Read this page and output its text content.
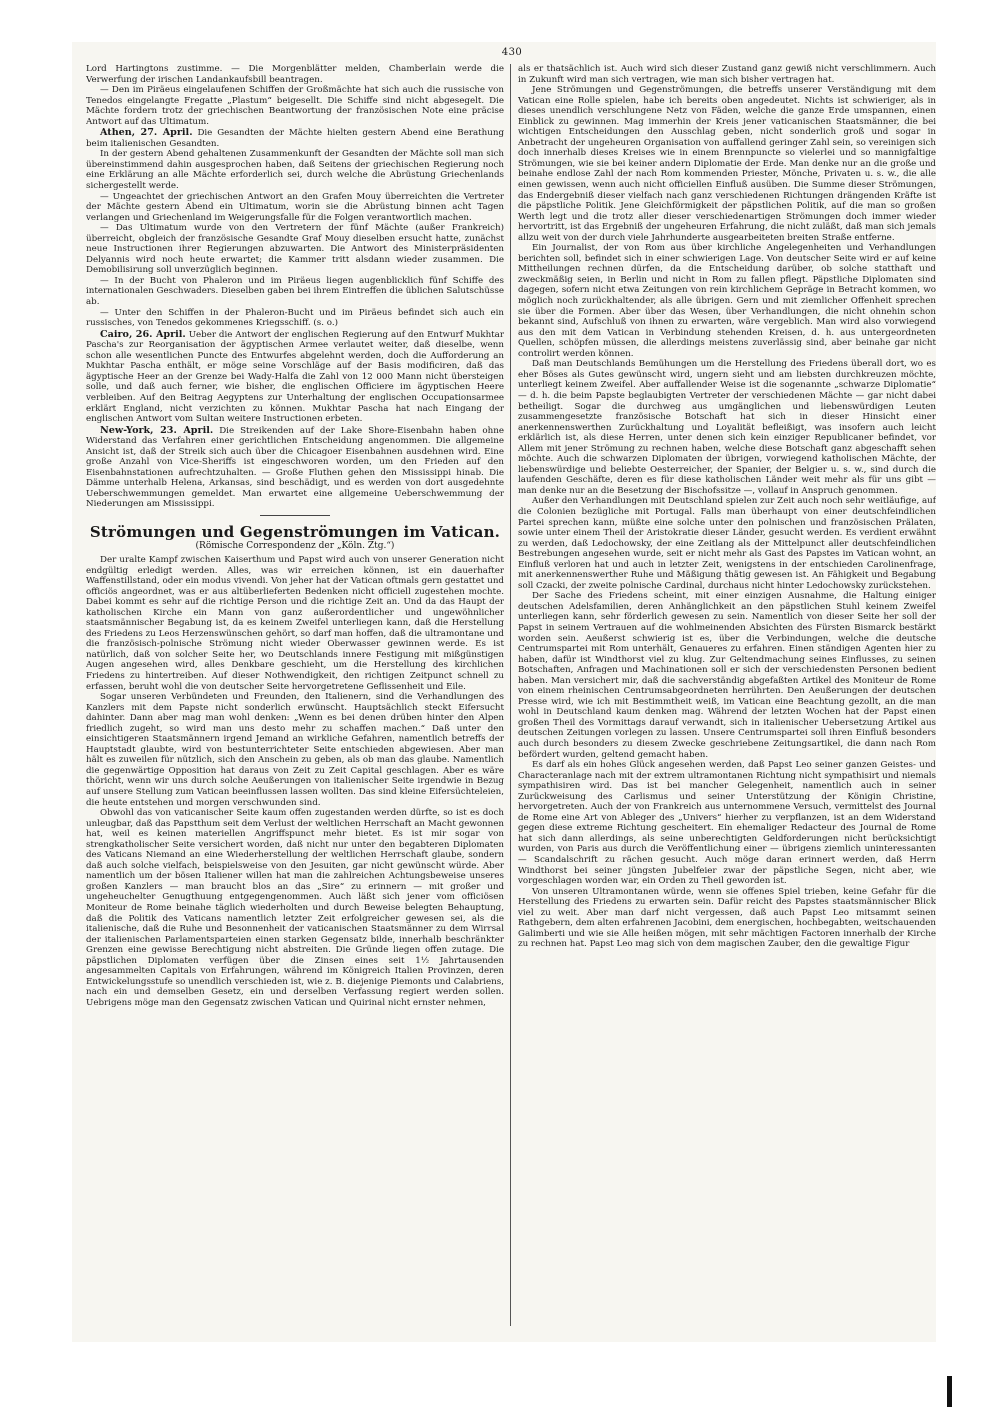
430

Lord Hartingtons zustimme. — Die Morgenblätter melden, Chamberlain werde die Verwerfung der irischen Landankaufsbill beantragen.

— Den im Piräeus eingelaufenen Schiffen der Großmächte hat sich auch die russische von Tenedos eingelangte Fregatte „Plastum“ beigesellt. Die Schiffe sind nicht abgesegelt. Die Mächte fordern trotz der griechischen Beantwortung der französischen Note eine präcise Antwort auf das Ultimatum.

Athen, 27. April. Die Gesandten der Mächte hielten gestern Abend eine Berathung beim italienischen Gesandten.

In der gestern Abend gehaltenen Zusammenkunft der Gesandten der Mächte soll man sich übereinstimmend dahin ausgesprochen haben, daß Seitens der griechischen Regierung noch eine Erklärung an alle Mächte erforderlich sei, durch welche die Abrüstung Griechenlands sichergestellt werde.

— Ungeachtet der griechischen Antwort an den Grafen Mouy überreichten die Vertreter der Mächte gestern Abend ein Ultimatum, worin sie die Abrüstung binnen acht Tagen verlangen und Griechenland im Weigerungsfalle für die Folgen verantwortlich machen.

— Das Ultimatum wurde von den Vertretern der fünf Mächte (außer Frankreich) überreicht, obgleich der französische Gesandte Graf Mouy dieselben ersucht hatte, zunächst neue Instructionen ihrer Regierungen abzuwarten. Die Antwort des Ministerpräsidenten Delyannis wird noch heute erwartet; die Kammer tritt alsdann wieder zusammen. Die Demobilisirung soll unverzüglich beginnen.

— In der Bucht von Phaleron und im Piräeus liegen augenblicklich fünf Schiffe des internationalen Geschwaders. Dieselben gaben bei ihrem Eintreffen die üblichen Salutschüsse ab.

— Unter den Schiffen in der Phaleron-Bucht und im Piräeus befindet sich auch ein russisches, von Tenedos gekommenes Kriegsschiff. (s. o.)

Cairo, 26. April. Ueber die Antwort der englischen Regierung auf den Entwurf Mukhtar Pascha's zur Reorganisation der ägyptischen Armee verlautet weiter, daß dieselbe, wenn schon alle wesentlichen Puncte des Entwurfes abgelehnt werden, doch die Aufforderung an Mukhtar Pascha enthält, er möge seine Vorschläge auf der Basis modificiren, daß das ägyptische Heer an der Grenze bei Wady-Halfa die Zahl von 12 000 Mann nicht übersteigen solle, und daß auch ferner, wie bisher, die englischen Officiere im ägyptischen Heere verbleiben. Auf den Beitrag Aegyptens zur Unterhaltung der englischen Occupationsarmee erklärt England, nicht verzichten zu können. Mukhtar Pascha hat nach Eingang der englischen Antwort vom Sultan weitere Instructionen erbeten.

New-York, 23. April. Die Streikenden auf der Lake Shore-Eisenbahn haben ohne Widerstand das Verfahren einer gerichtlichen Entscheidung angenommen. Die allgemeine Ansicht ist, daß der Streik sich auch über die Chicagoer Eisenbahnen ausdehnen wird. Eine große Anzahl von Vice-Sheriffs ist eingeschworen worden, um den Frieden auf den Eisenbahnstationen aufrechtzuhalten. — Große Fluthen gehen den Mississippi hinab. Die Dämme unterhalb Helena, Arkansas, sind beschädigt, und es werden von dort ausgedehnte Ueberschwemmungen gemeldet. Man erwartet eine allgemeine Ueberschwemmung der Niederungen am Mississippi.

Strömungen und Gegenströmungen im Vatican.
(Römische Correspondenz der „Köln. Ztg.“)

Der uralte Kampf zwischen Kaiserthum und Papst wird auch von unserer Generation nicht endgültig erledigt werden. Alles, was wir erreichen können, ist ein dauerhafter Waffenstillstand, oder ein modus vivendi. Von jeher hat der Vatican oftmals gern gestattet und officiös angeordnet, was er aus altüberlieferten Bedenken nicht officiell zugestehen mochte. Dabei kommt es sehr auf die richtige Person und die richtige Zeit an. Und da das Haupt der katholischen Kirche ein Mann von ganz außerordentlicher und ungewöhnlicher staatsmännischer Begabung ist, da es keinem Zweifel unterliegen kann, daß die Herstellung des Friedens zu Leos Herzenswünschen gehört, so darf man hoffen, daß die ultramontane und die französisch-polnische Strömung nicht wieder Oberwasser gewinnen werde. Es ist natürlich, daß von solcher Seite her, wo Deutschlands innere Festigung mit mißgünstigen Augen angesehen wird, alles Denkbare geschieht, um die Herstellung des kirchlichen Friedens zu hintertreiben. Auf dieser Nothwendigkeit, den richtigen Zeitpunct schnell zu erfassen, beruht wohl die von deutscher Seite hervorgetretene Geflissenheit und Eile.

Sogar unseren Verbündeten und Freunden, den Italienern, sind die Verhandlungen des Kanzlers mit dem Papste nicht sonderlich erwünscht. Hauptsächlich steckt Eifersucht dahinter. Dann aber mag man wohl denken: „Wenn es bei denen drüben hinter den Alpen friedlich zugeht, so wird man uns desto mehr zu schaffen machen.“ Daß unter den einsichtigeren Staatsmännern irgend Jemand an wirkliche Gefahren, namentlich betreffs der Hauptstadt glaubte, wird von bestunterrichteter Seite entschieden abgewiesen. Aber man hält es zuweilen für nützlich, sich den Anschein zu geben, als ob man das glaube. Namentlich die gegenwärtige Opposition hat daraus von Zeit zu Zeit Capital geschlagen. Aber es wäre thöricht, wenn wir uns durch solche Aeußerungen von italienischer Seite irgendwie in Bezug auf unsere Stellung zum Vatican beeinflussen lassen wollten. Das sind kleine Eifersüchteleien, die heute entstehen und morgen verschwunden sind.

Obwohl das von vaticanischer Seite kaum offen zugestanden werden dürfte, so ist es doch unleugbar, daß das Papstthum seit dem Verlust der weltlichen Herrschaft an Macht gewonnen hat, weil es keinen materiellen Angriffspunct mehr bietet. Es ist mir sogar von strengkatholischer Seite versichert worden, daß nicht nur unter den begabteren Diplomaten des Vaticans Niemand an eine Wiederherstellung der weltlichen Herrschaft glaube, sondern daß auch solche vielfach, beispielsweise von den Jesuiten, gar nicht gewünscht würde. Aber namentlich um der bösen Italiener willen hat man die zahlreichen Achtungsbeweise unseres großen Kanzlers — man braucht blos an das „Sire“ zu erinnern — mit großer und ungeheuchelter Genugthuung entgegengenommen. Auch läßt sich jener vom officiösen Moniteur de Rome beinahe täglich wiederholten und durch Beweise belegten Behauptung, daß die Politik des Vaticans namentlich letzter Zeit erfolgreicher gewesen sei, als die italienische, daß die Ruhe und Besonnenheit der vaticanischen Staatsmänner zu dem Wirrsal der italienischen Parlamentsparteien einen starken Gegensatz bilde, innerhalb beschränkter Grenzen eine gewisse Berechtigung nicht abstreiten. Die Gründe liegen offen zutage. Die päpstlichen Diplomaten verfügen über die Zinsen eines seit 1½ Jahrtausenden angesammelten Capitals von Erfahrungen, während im Königreich Italien Provinzen, deren Entwickelungsstufe so unendlich verschieden ist, wie z. B. diejenige Piemonts und Calabriens, nach ein und demselben Gesetz, ein und derselben Verfassung regiert werden sollen. Uebrigens möge man den Gegensatz zwischen Vatican und Quirinal nicht ernster nehmen,

als er thatsächlich ist. Auch wird sich dieser Zustand ganz gewiß nicht verschlimmern. Auch in Zukunft wird man sich vertragen, wie man sich bisher vertragen hat.

Jene Strömungen und Gegenströmungen, die betreffs unserer Verständigung mit dem Vatican eine Rolle spielen, habe ich bereits oben angedeutet. Nichts ist schwieriger, als in dieses unendlich verschlungene Netz von Fäden, welche die ganze Erde umspannen, einen Einblick zu gewinnen. Mag immerhin der Kreis jener vaticanischen Staatsmänner, die bei wichtigen Entscheidungen den Ausschlag geben, nicht sonderlich groß und sogar in Anbetracht der ungeheuren Organisation von auffallend geringer Zahl sein, so vereinigen sich doch innerhalb dieses Kreises wie in einem Brennpuncte so vielerlei und so mannigfaltige Strömungen, wie sie bei keiner andern Diplomatie der Erde. Man denke nur an die große und beinahe endlose Zahl der nach Rom kommenden Priester, Mönche, Privaten u. s. w., die alle einen gewissen, wenn auch nicht officiellen Einfluß ausüben. Die Summe dieser Strömungen, das Endergebniß dieser vielfach nach ganz verschiedenen Richtungen drängenden Kräfte ist die päpstliche Politik. Jene Gleichförmigkeit der päpstlichen Politik, auf die man so großen Werth legt und die trotz aller dieser verschiedenartigen Strömungen doch immer wieder hervortritt, ist das Ergebniß der ungeheuren Erfahrung, die nicht zuläßt, daß man sich jemals allzu weit von der durch viele Jahrhunderte ausgearbeiteten breiten Straße entferne.

Ein Journalist, der von Rom aus über kirchliche Angelegenheiten und Verhandlungen berichten soll, befindet sich in einer schwierigen Lage. Von deutscher Seite wird er auf keine Mittheilungen rechnen dürfen, da die Entscheidung darüber, ob solche statthaft und zweckmäßig seien, in Berlin und nicht in Rom zu fallen pflegt. Päpstliche Diplomaten sind dagegen, sofern nicht etwa Zeitungen von rein kirchlichem Gepräge in Betracht kommen, wo möglich noch zurückhaltender, als alle übrigen. Gern und mit ziemlicher Offenheit sprechen sie über die Formen. Aber über das Wesen, über Verhandlungen, die nicht ohnehin schon bekannt sind, Aufschluß von ihnen zu erwarten, wäre vergeblich. Man wird also vorwiegend aus den mit dem Vatican in Verbindung stehenden Kreisen, d. h. aus untergeordneten Quellen, schöpfen müssen, die allerdings meistens zuverlässig sind, aber beinahe gar nicht controlirt werden können.

Daß man Deutschlands Bemühungen um die Herstellung des Friedens überall dort, wo es eher Böses als Gutes gewünscht wird, ungern sieht und am liebsten durchkreuzen möchte, unterliegt keinem Zweifel. Aber auffallender Weise ist die sogenannte „schwarze Diplomatie“ — d. h. die beim Papste beglaubigten Vertreter der verschiedenen Mächte — gar nicht dabei betheiligt. Sogar die durchweg aus umgänglichen und liebenswürdigen Leuten zusammengesetzte französische Botschaft hat sich in dieser Hinsicht einer anerkennenswerthen Zurückhaltung und Loyalität befleißigt, was insofern auch leicht erklärlich ist, als diese Herren, unter denen sich kein einziger Republicaner befindet, vor Allem mit jener Strömung zu rechnen haben, welche diese Botschaft ganz abgeschafft sehen möchte. Auch die schwarzen Diplomaten der übrigen, vorwiegend katholischen Mächte, der liebenswürdige und beliebte Oesterreicher, der Spanier, der Belgier u. s. w., sind durch die laufenden Geschäfte, deren es für diese katholischen Länder weit mehr als für uns gibt — man denke nur an die Besetzung der Bischofssitze —, vollauf in Anspruch genommen.

Außer den Verhandlungen mit Deutschland spielen zur Zeit auch noch sehr weitläufige, auf die Colonien bezügliche mit Portugal. Falls man überhaupt von einer deutschfeindlichen Partei sprechen kann, müßte eine solche unter den polnischen und französischen Prälaten, sowie unter einem Theil der Aristokratie dieser Länder, gesucht werden. Es verdient erwähnt zu werden, daß Ledochowsky, der eine Zeitlang als der Mittelpunct aller deutschfeindlichen Bestrebungen angesehen wurde, seit er nicht mehr als Gast des Papstes im Vatican wohnt, an Einfluß verloren hat und auch in letzter Zeit, wenigstens in der entschieden Carolinenfrage, mit anerkennenswerther Ruhe und Mäßigung thätig gewesen ist. An Fähigkeit und Begabung soll Czacki, der zweite polnische Cardinal, durchaus nicht hinter Ledochowsky zurückstehen.

Der Sache des Friedens scheint, mit einer einzigen Ausnahme, die Haltung einiger deutschen Adelsfamilien, deren Anhänglichkeit an den päpstlichen Stuhl keinem Zweifel unterliegen kann, sehr förderlich gewesen zu sein. Namentlich von dieser Seite her soll der Papst in seinem Vertrauen auf die wohlmeinenden Absichten des Fürsten Bismarck bestärkt worden sein. Aeußerst schwierig ist es, über die Verbindungen, welche die deutsche Centrumspartei mit Rom unterhält, Genaueres zu erfahren. Einen ständigen Agenten hier zu haben, dafür ist Windthorst viel zu klug. Zur Geltendmachung seines Einflusses, zu seinen Botschaften, Anfragen und Machinationen soll er sich der verschiedensten Personen bedient haben. Man versichert mir, daß die sachverständig abgefaßten Artikel des Moniteur de Rome von einem rheinischen Centrumsabgeordneten herrührten. Den Aeußerungen der deutschen Presse wird, wie ich mit Bestimmtheit weiß, im Vatican eine Beachtung gezollt, an die man wohl in Deutschland kaum denken mag. Während der letzten Wochen hat der Papst einen großen Theil des Vormittags darauf verwandt, sich in italienischer Uebersetzung Artikel aus deutschen Zeitungen vorlegen zu lassen. Unsere Centrumspartei soll ihren Einfluß besonders auch durch besonders zu diesem Zwecke geschriebene Zeitungsartikel, die dann nach Rom befördert wurden, geltend gemacht haben.

Es darf als ein hohes Glück angesehen werden, daß Papst Leo seiner ganzen Geistes- und Characteranlage nach mit der extrem ultramontanen Richtung nicht sympathisirt und niemals sympathisiren wird. Das ist bei mancher Gelegenheit, namentlich auch in seiner Zurückweisung des Carlismus und seiner Unterstützung der Königin Christine, hervorgetreten. Auch der von Frankreich aus unternommene Versuch, vermittelst des Journal de Rome eine Art von Ableger des „Univers“ hierher zu verpflanzen, ist an dem Widerstand gegen diese extreme Richtung gescheitert. Ein ehemaliger Redacteur des Journal de Rome hat sich dann allerdings, als seine unberechtigten Geldforderungen nicht berücksichtigt wurden, von Paris aus durch die Veröffentlichung einer — übrigens ziemlich uninteressanten — Scandalschrift zu rächen gesucht. Auch möge daran erinnert werden, daß Herrn Windthorst bei seiner jüngsten Jubelfeier zwar der päpstliche Segen, nicht aber, wie vorgeschlagen worden war, ein Orden zu Theil geworden ist.

Von unseren Ultramontanen würde, wenn sie offenes Spiel trieben, keine Gefahr für die Herstellung des Friedens zu erwarten sein. Dafür reicht des Papstes staatsmännischer Blick viel zu weit. Aber man darf nicht vergessen, daß auch Papst Leo mitsammt seinen Rathgebern, dem alten erfahrenen Jacobini, dem energischen, hochbegabten, weitschauenden Galimberti und wie sie Alle heißen mögen, mit sehr mächtigen Factoren innerhalb der Kirche zu rechnen hat. Papst Leo mag sich von dem magischen Zauber, den die gewaltige Figur
